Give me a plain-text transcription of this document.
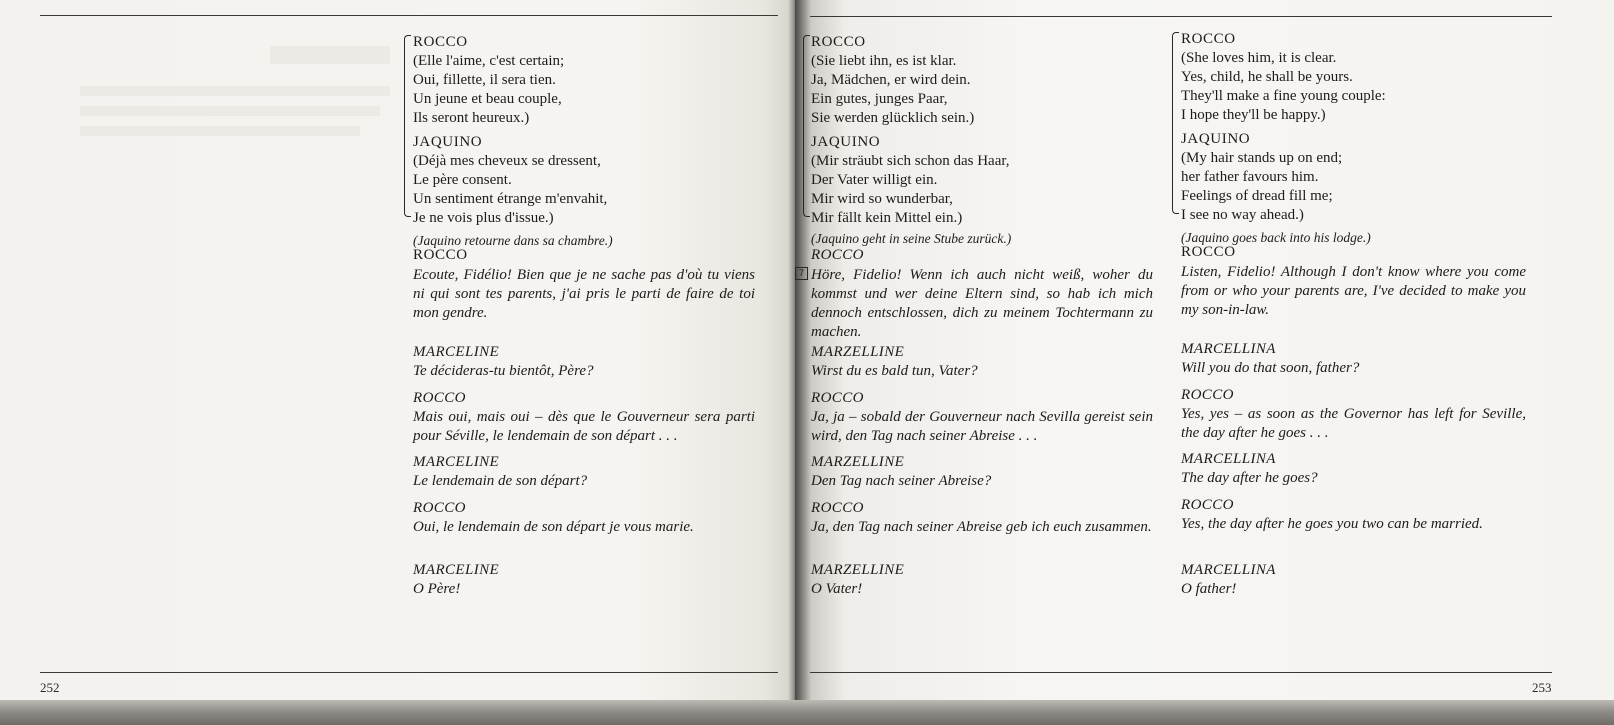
252
ROCCO
(Elle l'aime, c'est certain;
Oui, fillette, il sera tien.
Un jeune et beau couple,
Ils seront heureux.)
JAQUINO
(Déjà mes cheveux se dressent,
Le père consent.
Un sentiment étrange m'envahit,
Je ne vois plus d'issue.)
(Jaquino retourne dans sa chambre.)
ROCCO
Ecoute, Fidélio! Bien que je ne sache pas d'où tu viens ni qui sont tes parents, j'ai pris le parti de faire de toi mon gendre.
MARCELINE
Te décideras-tu bientôt, Père?
ROCCO
Mais oui, mais oui – dès que le Gouverneur sera parti pour Séville, le lendemain de son départ . . .
MARCELINE
Le lendemain de son départ?
ROCCO
Oui, le lendemain de son départ je vous marie.
MARCELINE
O Père!
253
ROCCO
(Sie liebt ihn, es ist klar.
Ja, Mädchen, er wird dein.
Ein gutes, junges Paar,
Sie werden glücklich sein.)
JAQUINO
(Mir sträubt sich schon das Haar,
Der Vater willigt ein.
Mir wird so wunderbar,
Mir fällt kein Mittel ein.)
(Jaquino geht in seine Stube zurück.)
ROCCO
Höre, Fidelio! Wenn ich auch nicht weiß, woher du kommst und wer deine Eltern sind, so hab ich mich dennoch entschlossen, dich zu meinem Tochtermann zu machen.
MARZELLINE
Wirst du es bald tun, Vater?
ROCCO
Ja, ja – sobald der Gouverneur nach Sevilla gereist sein wird, den Tag nach seiner Abreise . . .
MARZELLINE
Den Tag nach seiner Abreise?
ROCCO
Ja, den Tag nach seiner Abreise geb ich euch zusammen.
MARZELLINE
O Vater!
7
ROCCO
(She loves him, it is clear.
Yes, child, he shall be yours.
They'll make a fine young couple:
I hope they'll be happy.)
JAQUINO
(My hair stands up on end;
her father favours him.
Feelings of dread fill me;
I see no way ahead.)
(Jaquino goes back into his lodge.)
ROCCO
Listen, Fidelio! Although I don't know where you come from or who your parents are, I've decided to make you my son-in-law.
MARCELLINA
Will you do that soon, father?
ROCCO
Yes, yes – as soon as the Governor has left for Seville, the day after he goes . . .
MARCELLINA
The day after he goes?
ROCCO
Yes, the day after he goes you two can be married.
MARCELLINA
O father!
